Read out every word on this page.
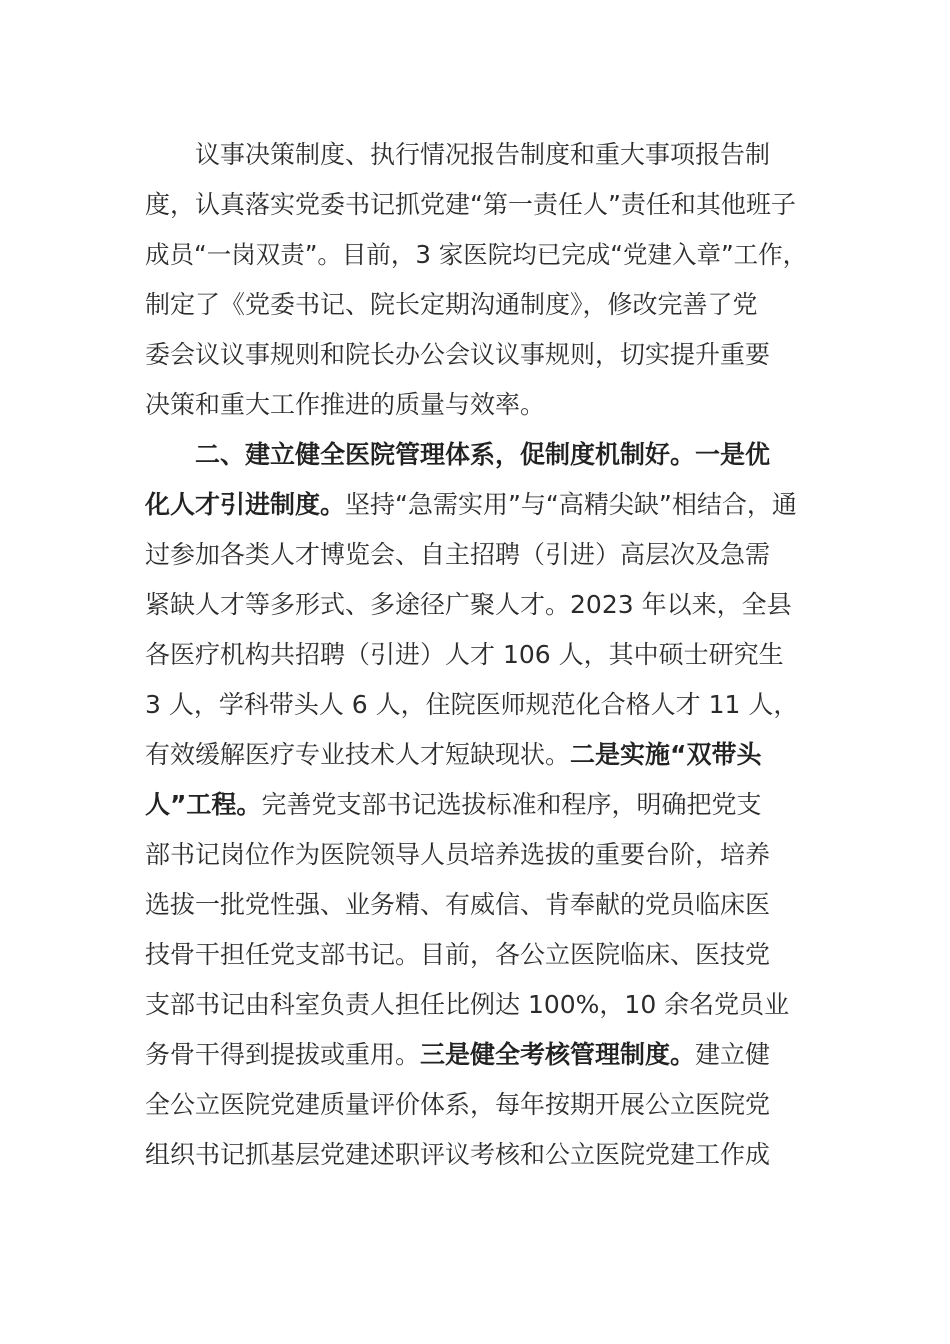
议事决策制度、执行情况报告制度和重大事项报告制
度，认真落实党委书记抓党建“第一责任人”责任和其他班子
成员“一岗双责”。目前，3 家医院均已完成“党建入章”工作，
制定了《党委书记、院长定期沟通制度》，修改完善了党
委会议议事规则和院长办公会议议事规则，切实提升重要
决策和重大工作推进的质量与效率。
二、建立健全医院管理体系，促制度机制好。一是优
化人才引进制度。坚持“急需实用”与“高精尖缺”相结合，通
过参加各类人才博览会、自主招聘（引进）高层次及急需
紧缺人才等多形式、多途径广聚人才。2023 年以来，全县
各医疗机构共招聘（引进）人才 106 人，其中硕士研究生
3 人，学科带头人 6 人，住院医师规范化合格人才 11 人，
有效缓解医疗专业技术人才短缺现状。二是实施“双带头
人”工程。完善党支部书记选拔标准和程序，明确把党支
部书记岗位作为医院领导人员培养选拔的重要台阶，培养
选拔一批党性强、业务精、有威信、肯奉献的党员临床医
技骨干担任党支部书记。目前，各公立医院临床、医技党
支部书记由科室负责人担任比例达 100%，10 余名党员业
务骨干得到提拔或重用。三是健全考核管理制度。建立健
全公立医院党建质量评价体系，每年按期开展公立医院党
组织书记抓基层党建述职评议考核和公立医院党建工作成
